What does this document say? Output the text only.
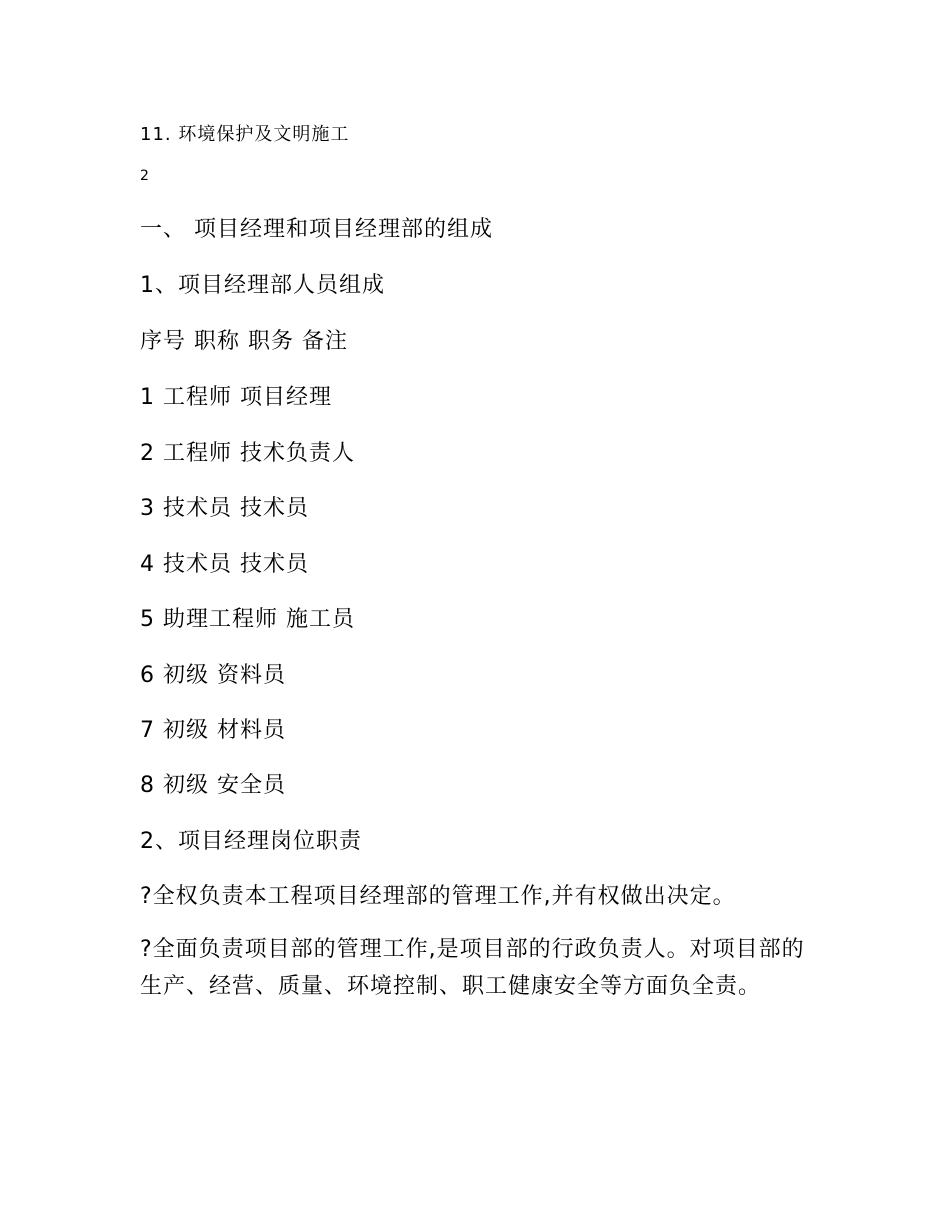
11. 环境保护及文明施工
2
一、 项目经理和项目经理部的组成
1、项目经理部人员组成
序号 职称 职务 备注
1 工程师 项目经理
2 工程师 技术负责人
3 技术员 技术员
4 技术员 技术员
5 助理工程师 施工员
6 初级 资料员
7 初级 材料员
8 初级 安全员
2、项目经理岗位职责
?全权负责本工程项目经理部的管理工作,并有权做出决定。
?全面负责项目部的管理工作,是项目部的行政负责人。对项目部的生产、经营、质量、环境控制、职工健康安全等方面负全责。
